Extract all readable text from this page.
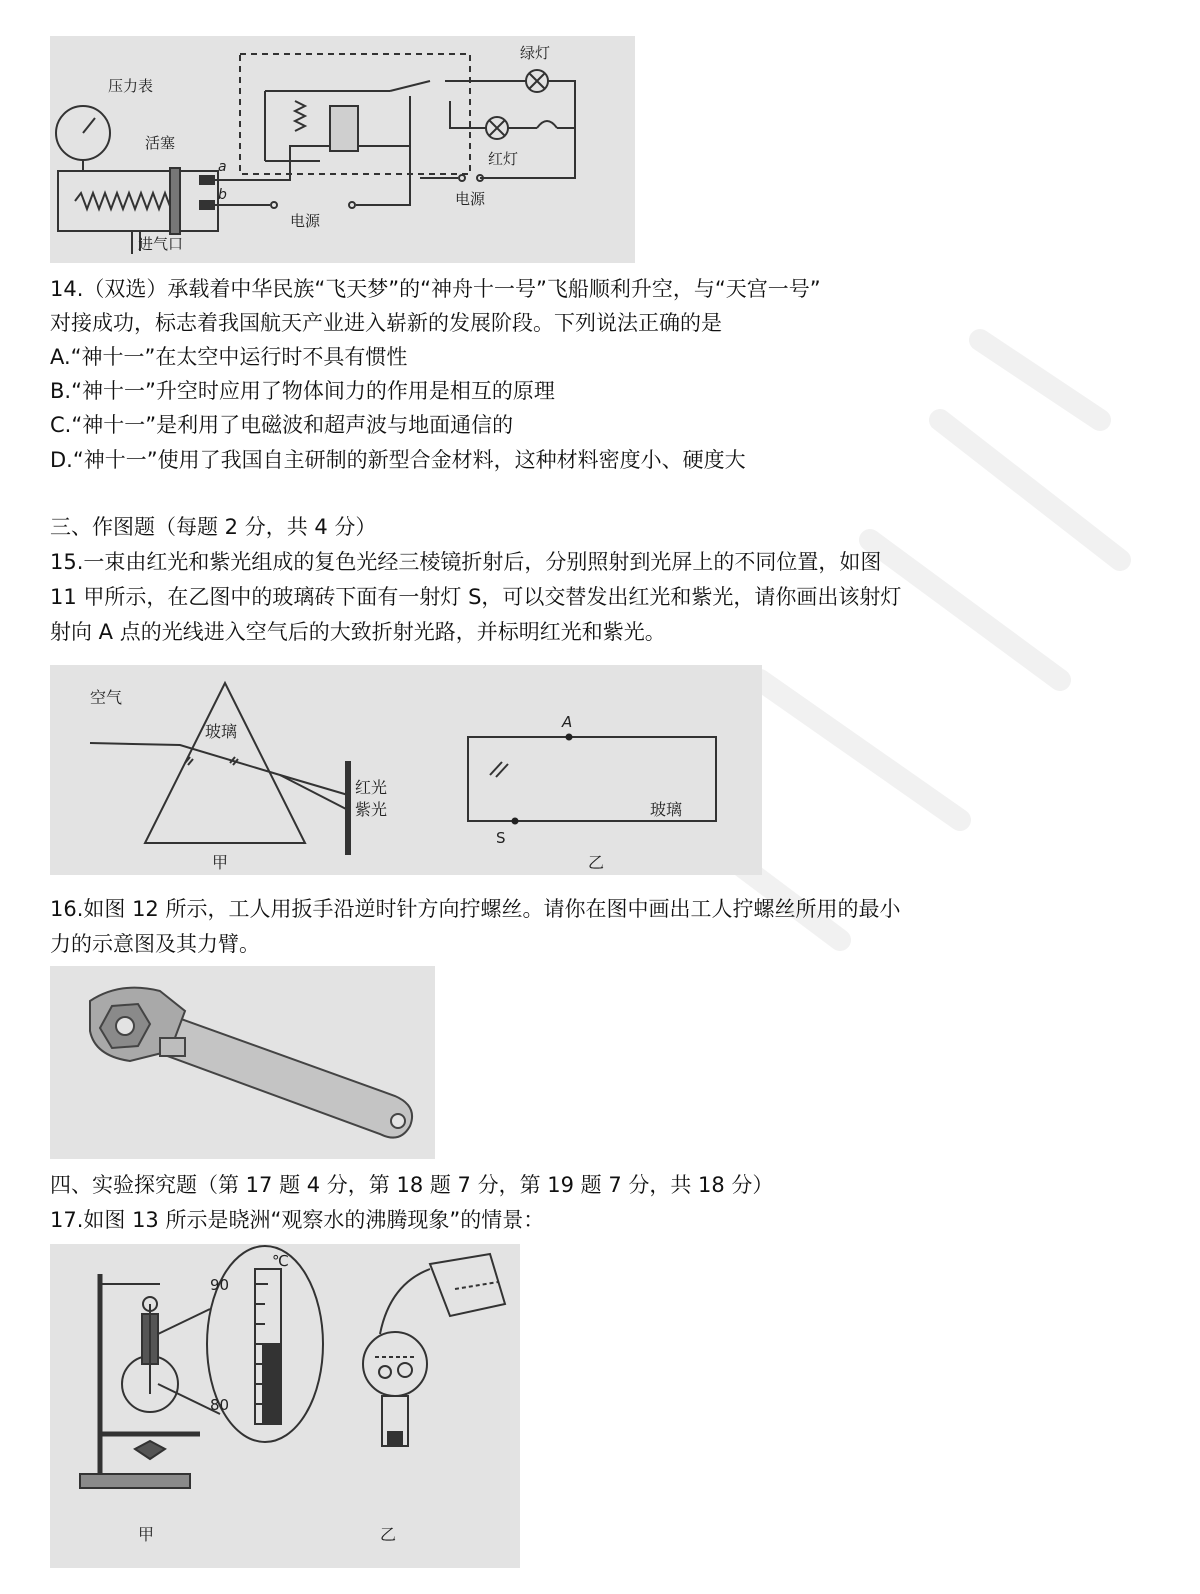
压力表
活塞
进气口
a
b
电源
电源
绿灯
红灯
14.（双选）承载着中华民族“飞天梦”的“神舟十一号”飞船顺利升空，与“天宫一号”
对接成功，标志着我国航天产业进入崭新的发展阶段。下列说法正确的是
A.“神十一”在太空中运行时不具有惯性
B.“神十一”升空时应用了物体间力的作用是相互的原理
C.“神十一”是利用了电磁波和超声波与地面通信的
D.“神十一”使用了我国自主研制的新型合金材料，这种材料密度小、硬度大
三、作图题（每题 2 分，共 4 分）
15.一束由红光和紫光组成的复色光经三棱镜折射后，分别照射到光屏上的不同位置，如图
11 甲所示，在乙图中的玻璃砖下面有一射灯 S，可以交替发出红光和紫光，请你画出该射灯
射向 A 点的光线进入空气后的大致折射光路，并标明红光和紫光。
空气
玻璃
红光
紫光
甲
A
S
玻璃
乙
16.如图 12 所示，工人用扳手沿逆时针方向拧螺丝。请你在图中画出工人拧螺丝所用的最小
力的示意图及其力臂。
四、实验探究题（第 17 题 4 分，第 18 题 7 分，第 19 题 7 分，共 18 分）
17.如图 13 所示是晓洲“观察水的沸腾现象”的情景：
℃
90
80
甲	乙
